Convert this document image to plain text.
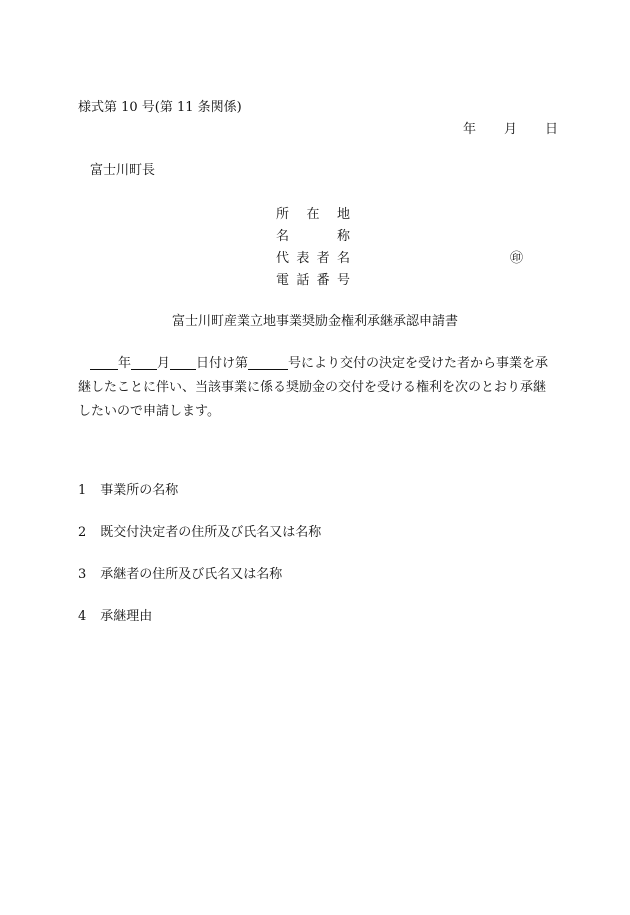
様式第 10 号(第 11 条関係)
年 月 日
富士川町長
所在地
名称
代表者名	㊞
電話番号
富士川町産業立地事業奨励金権利承継承認申請書
年 月 日付け第	号により交付の決定を受けた者から事業を承継したことに伴い、当該事業に係る奨励金の交付を受ける権利を次のとおり承継したいので申請します。
1 事業所の名称
2 既交付決定者の住所及び氏名又は名称
3 承継者の住所及び氏名又は名称
4 承継理由
